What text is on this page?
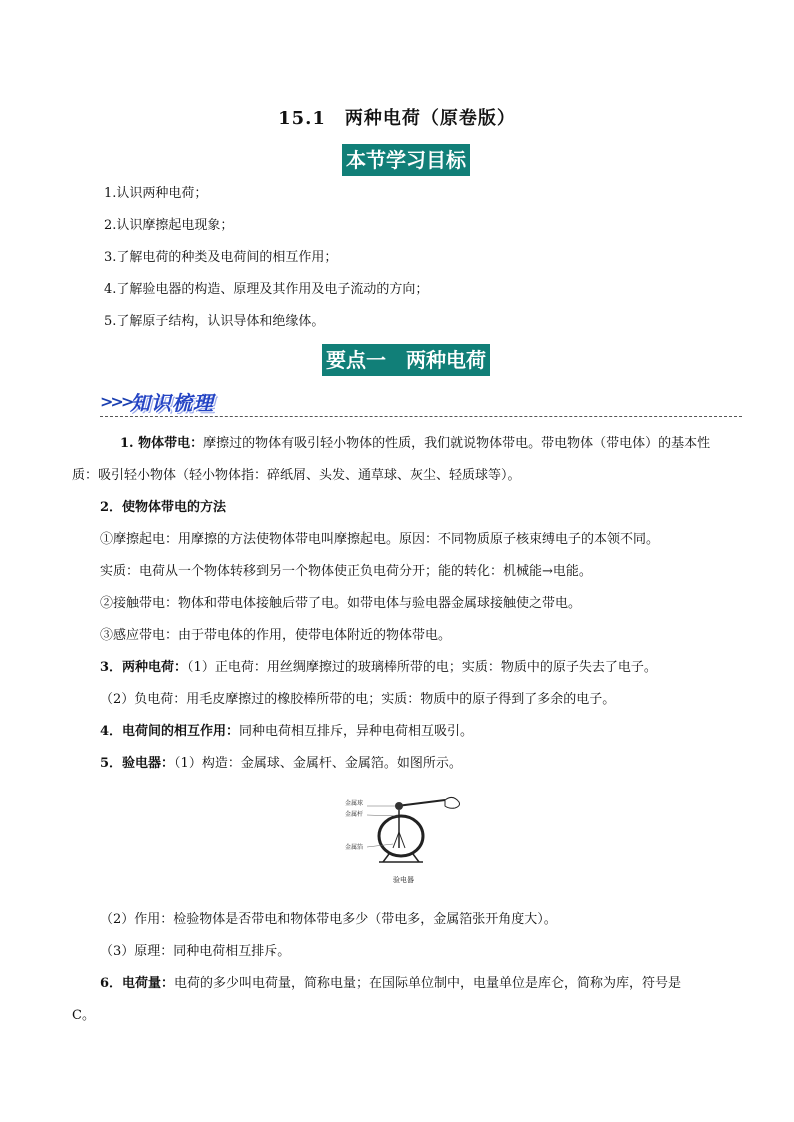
15.1　两种电荷（原卷版）
本节学习目标
1.认识两种电荷；
2.认识摩擦起电现象；
3.了解电荷的种类及电荷间的相互作用；
4.了解验电器的构造、原理及其作用及电子流动的方向；
5.了解原子结构，认识导体和绝缘体。
要点一　两种电荷
>>>
知识梳理
1. 物体带电：摩擦过的物体有吸引轻小物体的性质，我们就说物体带电。带电物体（带电体）的基本性
质：吸引轻小物体（轻小物体指：碎纸屑、头发、通草球、灰尘、轻质球等）。
2．使物体带电的方法
①摩擦起电：用摩擦的方法使物体带电叫摩擦起电。原因：不同物质原子核束缚电子的本领不同。
实质：电荷从一个物体转移到另一个物体使正负电荷分开；能的转化：机械能→电能。
②接触带电：物体和带电体接触后带了电。如带电体与验电器金属球接触使之带电。
③感应带电：由于带电体的作用，使带电体附近的物体带电。
3．两种电荷：（1）正电荷：用丝绸摩擦过的玻璃棒所带的电；实质：物质中的原子失去了电子。
（2）负电荷：用毛皮摩擦过的橡胶棒所带的电；实质：物质中的原子得到了多余的电子。
4．电荷间的相互作用：同种电荷相互排斥，异种电荷相互吸引。
5．验电器：（1）构造：金属球、金属杆、金属箔。如图所示。
金属球
金属杆
金属箔
验电器
（2）作用：检验物体是否带电和物体带电多少（带电多，金属箔张开角度大）。
（3）原理：同种电荷相互排斥。
6．电荷量：电荷的多少叫电荷量，简称电量；在国际单位制中，电量单位是库仑，简称为库，符号是
C。
